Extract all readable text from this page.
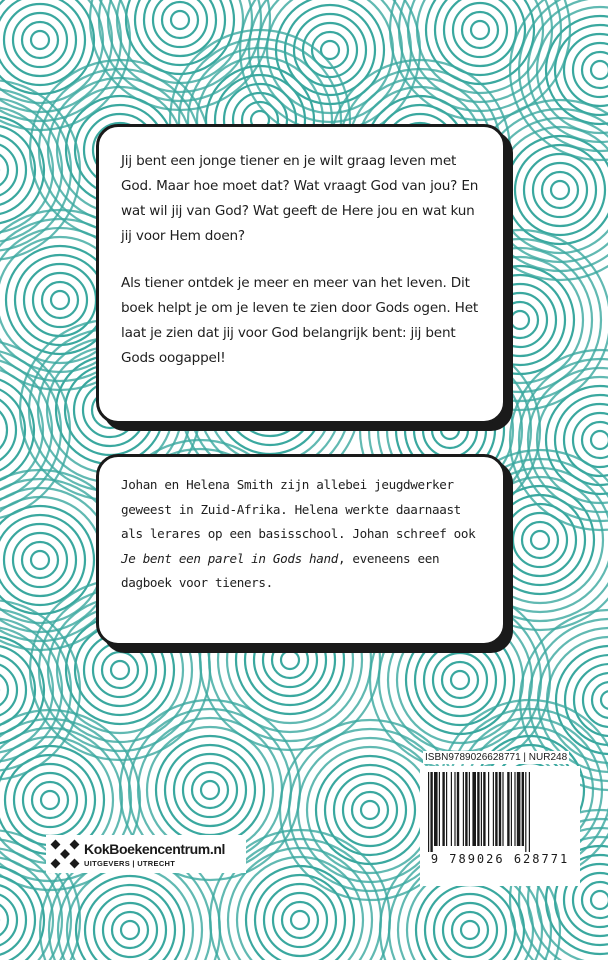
Jij bent een jonge tiener en je wilt graag leven met God. Maar hoe moet dat? Wat vraagt God van jou? En wat wil jij van God? Wat geeft de Here jou en wat kun jij voor Hem doen?

Als tiener ontdek je meer en meer van het leven. Dit boek helpt je om je leven te zien door Gods ogen. Het laat je zien dat jij voor God belangrijk bent: jij bent Gods oogappel!

Johan en Helena Smith zijn allebei jeugdwerker geweest in Zuid-Afrika. Helena werkte daarnaast als lerares op een basisschool. Johan schreef ook Je bent een parel in Gods hand, eveneens een dagboek voor tieners.

ISBN9789026628771 | NUR248
9 789026 628771
KokBoekencentrum.nl
UITGEVERS | UTRECHT
